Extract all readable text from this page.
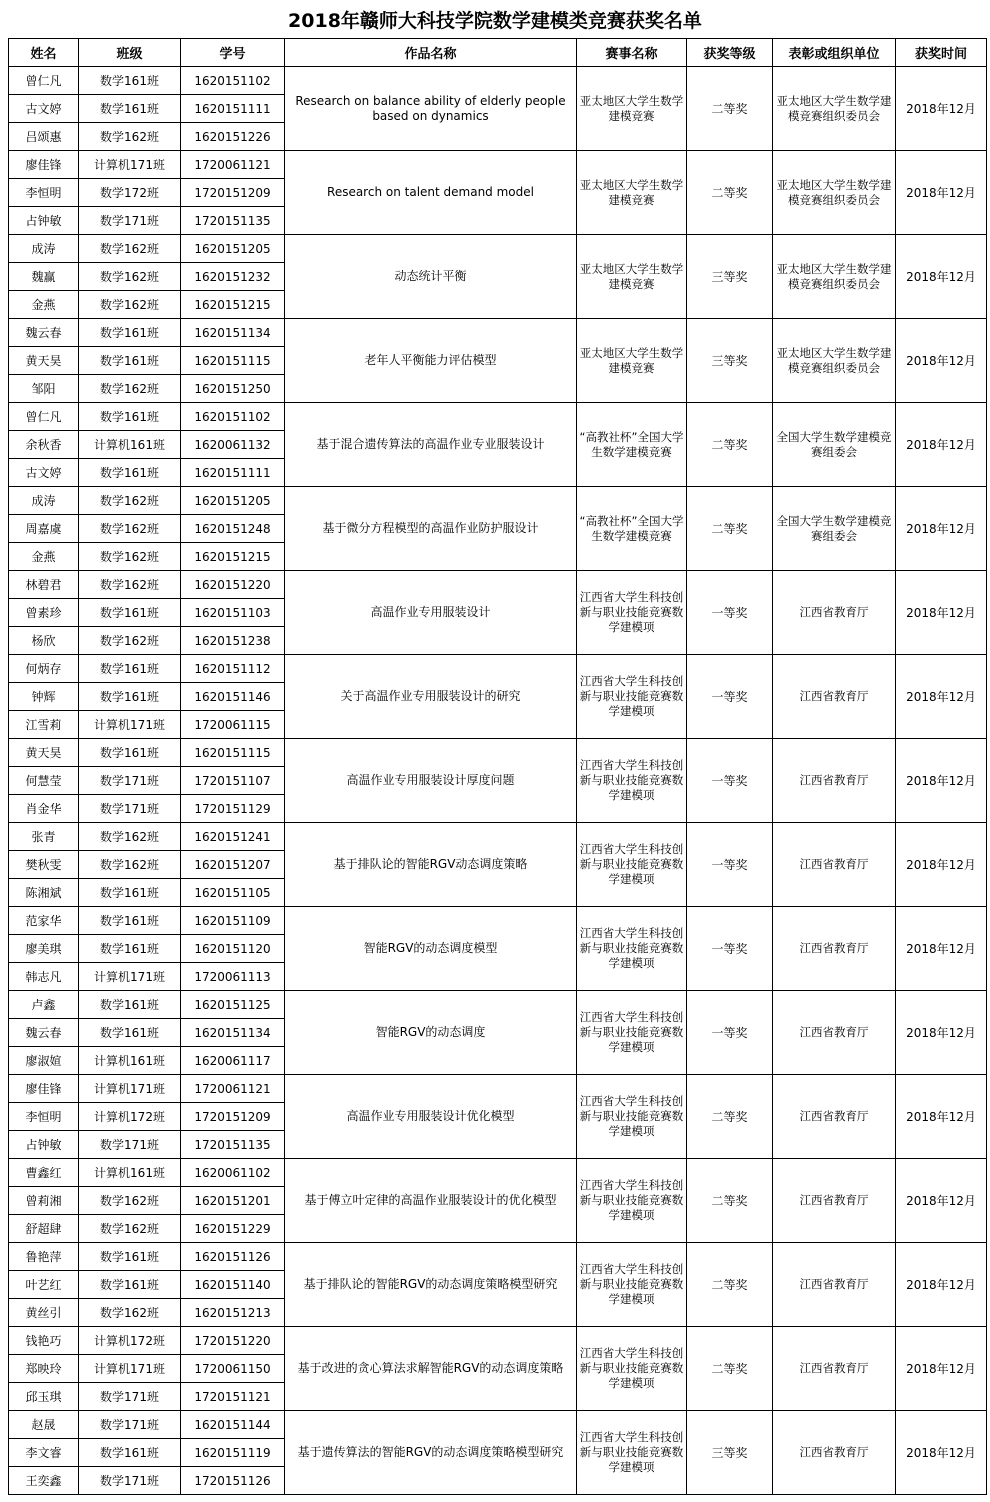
2018年赣师大科技学院数学建模类竞赛获奖名单
姓名	班级	学号	作品名称	赛事名称	获奖等级	表彰或组织单位	获奖时间
曾仁凡	数学161班	1620151102	Research on balance ability of elderly people based on dynamics	亚太地区大学生数学建模竞赛	二等奖	亚太地区大学生数学建模竞赛组织委员会	2018年12月
古文婷	数学161班	1620151111					
吕颂惠	数学162班	1620151226					
廖佳锋	计算机171班	1720061121	Research on talent demand model	亚太地区大学生数学建模竞赛	二等奖	亚太地区大学生数学建模竞赛组织委员会	2018年12月
李恒明	数学172班	1720151209					
占钟敏	数学171班	1720151135					
成涛	数学162班	1620151205	动态统计平衡	亚太地区大学生数学建模竞赛	三等奖	亚太地区大学生数学建模竞赛组织委员会	2018年12月
魏赢	数学162班	1620151232					
金燕	数学162班	1620151215					
魏云春	数学161班	1620151134	老年人平衡能力评估模型	亚太地区大学生数学建模竞赛	三等奖	亚太地区大学生数学建模竞赛组织委员会	2018年12月
黄天昊	数学161班	1620151115					
邹阳	数学162班	1620151250					
曾仁凡	数学161班	1620151102	基于混合遗传算法的高温作业专业服装设计	“高教社杯”全国大学生数学建模竞赛	二等奖	全国大学生数学建模竞赛组委会	2018年12月
余秋香	计算机161班	1620061132					
古文婷	数学161班	1620151111					
成涛	数学162班	1620151205	基于微分方程模型的高温作业防护服设计	“高教社杯”全国大学生数学建模竞赛	二等奖	全国大学生数学建模竞赛组委会	2018年12月
周嘉虞	数学162班	1620151248					
金燕	数学162班	1620151215					
林碧君	数学162班	1620151220	高温作业专用服装设计	江西省大学生科技创新与职业技能竞赛数学建模项	一等奖	江西省教育厅	2018年12月
曾素珍	数学161班	1620151103					
杨欣	数学162班	1620151238					
何炳存	数学161班	1620151112	关于高温作业专用服装设计的研究	江西省大学生科技创新与职业技能竞赛数学建模项	一等奖	江西省教育厅	2018年12月
钟辉	数学161班	1620151146					
江雪莉	计算机171班	1720061115					
黄天昊	数学161班	1620151115	高温作业专用服装设计厚度问题	江西省大学生科技创新与职业技能竞赛数学建模项	一等奖	江西省教育厅	2018年12月
何慧莹	数学171班	1720151107					
肖金华	数学171班	1720151129					
张青	数学162班	1620151241	基于排队论的智能RGV动态调度策略	江西省大学生科技创新与职业技能竞赛数学建模项	一等奖	江西省教育厅	2018年12月
樊秋雯	数学162班	1620151207					
陈湘斌	数学161班	1620151105					
范家华	数学161班	1620151109	智能RGV的动态调度模型	江西省大学生科技创新与职业技能竞赛数学建模项	一等奖	江西省教育厅	2018年12月
廖美琪	数学161班	1620151120					
韩志凡	计算机171班	1720061113					
卢鑫	数学161班	1620151125	智能RGV的动态调度	江西省大学生科技创新与职业技能竞赛数学建模项	一等奖	江西省教育厅	2018年12月
魏云春	数学161班	1620151134					
廖淑媗	计算机161班	1620061117					
廖佳锋	计算机171班	1720061121	高温作业专用服装设计优化模型	江西省大学生科技创新与职业技能竞赛数学建模项	二等奖	江西省教育厅	2018年12月
李恒明	计算机172班	1720151209					
占钟敏	数学171班	1720151135					
曹鑫红	计算机161班	1620061102	基于傅立叶定律的高温作业服装设计的优化模型	江西省大学生科技创新与职业技能竞赛数学建模项	二等奖	江西省教育厅	2018年12月
曾莉湘	数学162班	1620151201					
舒超肆	数学162班	1620151229					
鲁艳萍	数学161班	1620151126	基于排队论的智能RGV的动态调度策略模型研究	江西省大学生科技创新与职业技能竞赛数学建模项	二等奖	江西省教育厅	2018年12月
叶艺红	数学161班	1620151140					
黄丝引	数学162班	1620151213					
钱艳巧	计算机172班	1720151220	基于改进的贪心算法求解智能RGV的动态调度策略	江西省大学生科技创新与职业技能竞赛数学建模项	二等奖	江西省教育厅	2018年12月
郑映玲	计算机171班	1720061150					
邱玉琪	数学171班	1720151121					
赵晟	数学171班	1620151144	基于遗传算法的智能RGV的动态调度策略模型研究	江西省大学生科技创新与职业技能竞赛数学建模项	三等奖	江西省教育厅	2018年12月
李文睿	数学161班	1620151119					
王奕鑫	数学171班	1720151126					
